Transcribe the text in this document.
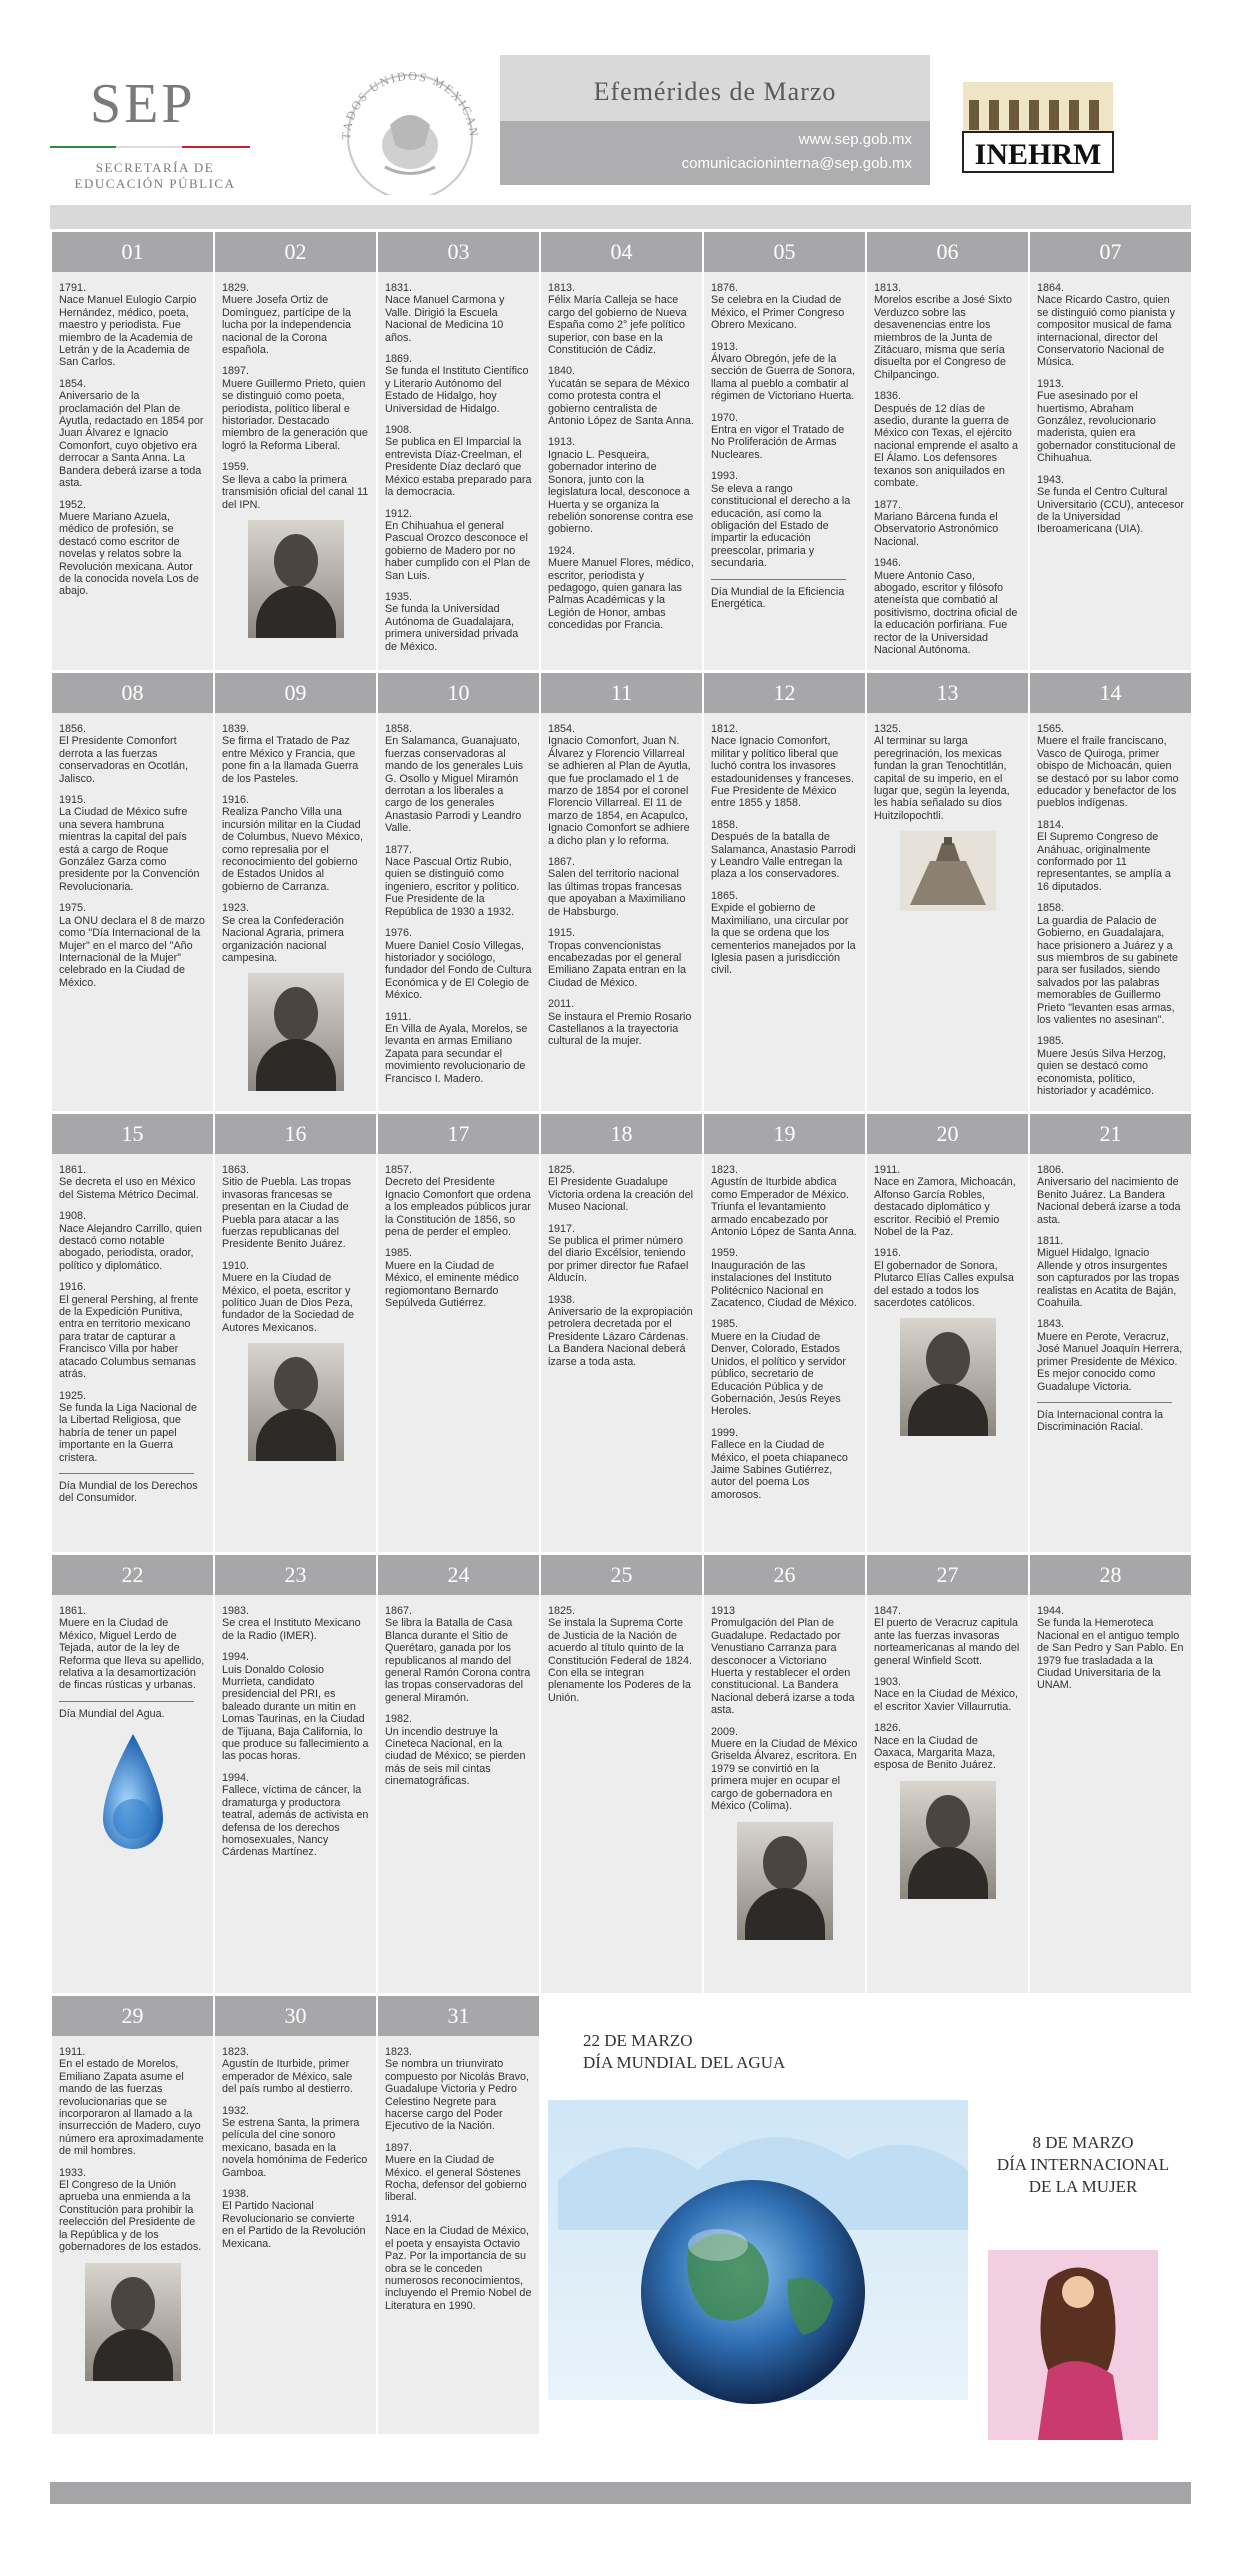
SEP
SECRETARÍA DE
EDUCACIÓN PÚBLICA
TADOS UNIDOS MEXICAN
Efemérides de Marzo
www.sep.gob.mx
comunicacioninterna@sep.gob.mx INEHRM
01
1791.
Nace Manuel Eulogio Carpio Hernández, médico, poeta, maestro y periodista. Fue miembro de la Academia de Letrán y de la Academia de San Carlos.
1854.
Aniversario de la proclamación del Plan de Ayutla, redactado en 1854 por Juan Álvarez e Ignacio Comonfort, cuyo objetivo era derrocar a Santa Anna. La Bandera deberá izarse a toda asta.
1952.
Muere Mariano Azuela, médico de profesión, se destacó como escritor de novelas y relatos sobre la Revolución mexicana. Autor de la conocida novela Los de abajo.
02
1829.
Muere Josefa Ortiz de Domínguez, partícipe de la lucha por la independencia nacional de la Corona española.
1897.
Muere Guillermo Prieto, quien se distinguió como poeta, periodista, político liberal e historiador. Destacado miembro de la generación que logró la Reforma Liberal.
1959.
Se lleva a cabo la primera transmisión oficial del canal 11 del IPN.
03
1831.
Nace Manuel Carmona y Valle. Dirigió la Escuela Nacional de Medicina 10 años.
1869.
Se funda el Instituto Científico y Literario Autónomo del Estado de Hidalgo, hoy Universidad de Hidalgo.
1908.
Se publica en El Imparcial la entrevista Díaz-Creelman, el Presidente Díaz declaró que México estaba preparado para la democracia.
1912.
En Chihuahua el general Pascual Orozco desconoce el gobierno de Madero por no haber cumplido con el Plan de San Luis.
1935.
Se funda la Universidad Autónoma de Guadalajara, primera universidad privada de México.
04
1813.
Félix María Calleja se hace cargo del gobierno de Nueva España como 2° jefe político superior, con base en la Constitución de Cádiz.
1840.
Yucatán se separa de México como protesta contra el gobierno centralista de Antonio López de Santa Anna.
1913.
Ignacio L. Pesqueira, gobernador interino de Sonora, junto con la legislatura local, desconoce a Huerta y se organiza la rebelión sonorense contra ese gobierno.
1924.
Muere Manuel Flores, médico, escritor, periodista y pedagogo, quien ganara las Palmas Académicas y la Legión de Honor, ambas concedidas por Francia.
05
1876.
Se celebra en la Ciudad de México, el Primer Congreso Obrero Mexicano.
1913.
Álvaro Obregón, jefe de la sección de Guerra de Sonora, llama al pueblo a combatir al régimen de Victoriano Huerta.
1970.
Entra en vigor el Tratado de No Proliferación de Armas Nucleares.
1993.
Se eleva a rango constitucional el derecho a la educación, así como la obligación del Estado de impartir la educación preescolar, primaria y secundaria.
Día Mundial de la Eficiencia Energética.
06
1813.
Morelos escribe a José Sixto Verduzco sobre las desavenencias entre los miembros de la Junta de Zitácuaro, misma que sería disuelta por el Congreso de Chilpancingo.
1836.
Después de 12 días de asedio, durante la guerra de México con Texas, el ejército nacional emprende el asalto a El Álamo. Los defensores texanos son aniquilados en combate.
1877.
Mariano Bárcena funda el Observatorio Astronómico Nacional.
1946.
Muere Antonio Caso, abogado, escritor y filósofo ateneísta que combatió al positivismo, doctrina oficial de la educación porfiriana. Fue rector de la Universidad Nacional Autónoma.
07
1864.
Nace Ricardo Castro, quien se distinguió como pianista y compositor musical de fama internacional, director del Conservatorio Nacional de Música.
1913.
Fue asesinado por el huertismo, Abraham González, revolucionario maderista, quien era gobernador constitucional de Chihuahua.
1943.
Se funda el Centro Cultural Universitario (CCU), antecesor de la Universidad Iberoamericana (UIA).
08
1856.
El Presidente Comonfort derrota a las fuerzas conservadoras en Ocotlán, Jalisco.
1915.
La Ciudad de México sufre una severa hambruna mientras la capital del país está a cargo de Roque González Garza como presidente por la Convención Revolucionaria.
1975.
La ONU declara el 8 de marzo como "Día Internacional de la Mujer" en el marco del "Año Internacional de la Mujer" celebrado en la Ciudad de México.
09
1839.
Se firma el Tratado de Paz entre México y Francia, que pone fin a la llamada Guerra de los Pasteles.
1916.
Realiza Pancho Villa una incursión militar en la Ciudad de Columbus, Nuevo México, como represalia por el reconocimiento del gobierno de Estados Unidos al gobierno de Carranza.
1923.
Se crea la Confederación Nacional Agraria, primera organización nacional campesina.
10
1858.
En Salamanca, Guanajuato, fuerzas conservadoras al mando de los generales Luis G. Osollo y Miguel Miramón derrotan a los liberales a cargo de los generales Anastasio Parrodi y Leandro Valle.
1877.
Nace Pascual Ortiz Rubio, quien se distinguió como ingeniero, escritor y político. Fue Presidente de la República de 1930 a 1932.
1976.
Muere Daniel Cosío Villegas, historiador y sociólogo, fundador del Fondo de Cultura Económica y de El Colegio de México.
1911.
En Villa de Ayala, Morelos, se levanta en armas Emiliano Zapata para secundar el movimiento revolucionario de Francisco I. Madero.
11
1854.
Ignacio Comonfort, Juan N. Álvarez y Florencio Villarreal se adhieren al Plan de Ayutla, que fue proclamado el 1 de marzo de 1854 por el coronel Florencio Villarreal. El 11 de marzo de 1854, en Acapulco, Ignacio Comonfort se adhiere a dicho plan y lo reforma.
1867.
Salen del territorio nacional las últimas tropas francesas que apoyaban a Maximiliano de Habsburgo.
1915.
Tropas convencionistas encabezadas por el general Emiliano Zapata entran en la Ciudad de México.
2011.
Se instaura el Premio Rosario Castellanos a la trayectoria cultural de la mujer.
12
1812.
Nace Ignacio Comonfort, militar y político liberal que luchó contra los invasores estadounidenses y franceses. Fue Presidente de México entre 1855 y 1858.
1858.
Después de la batalla de Salamanca, Anastasio Parrodi y Leandro Valle entregan la plaza a los conservadores.
1865.
Expide el gobierno de Maximiliano, una circular por la que se ordena que los cementerios manejados por la Iglesia pasen a jurisdicción civil.
13
1325.
Al terminar su larga peregrinación, los mexicas fundan la gran Tenochtitlán, capital de su imperio, en el lugar que, según la leyenda, les había señalado su dios Huitzilopochtli.
14
1565.
Muere el fraile franciscano, Vasco de Quiroga, primer obispo de Michoacán, quien se destacó por su labor como educador y benefactor de los pueblos indígenas.
1814.
El Supremo Congreso de Anáhuac, originalmente conformado por 11 representantes, se amplía a 16 diputados.
1858.
La guardia de Palacio de Gobierno, en Guadalajara, hace prisionero a Juárez y a sus miembros de su gabinete para ser fusilados, siendo salvados por las palabras memorables de Guillermo Prieto "levanten esas armas, los valientes no asesinan".
1985.
Muere Jesús Silva Herzog, quien se destacó como economista, político, historiador y académico.
15
1861.
Se decreta el uso en México del Sistema Métrico Decimal.
1908.
Nace Alejandro Carrillo, quien destacó como notable abogado, periodista, orador, político y diplomático.
1916.
El general Pershing, al frente de la Expedición Punitiva, entra en territorio mexicano para tratar de capturar a Francisco Villa por haber atacado Columbus semanas atrás.
1925.
Se funda la Liga Nacional de la Libertad Religiosa, que habría de tener un papel importante en la Guerra cristera.
Día Mundial de los Derechos del Consumidor.
16
1863.
Sitio de Puebla. Las tropas invasoras francesas se presentan en la Ciudad de Puebla para atacar a las fuerzas republicanas del Presidente Benito Juárez.
1910.
Muere en la Ciudad de México, el poeta, escritor y político Juan de Dios Peza, fundador de la Sociedad de Autores Mexicanos.
17
1857.
Decreto del Presidente Ignacio Comonfort que ordena a los empleados públicos jurar la Constitución de 1856, so pena de perder el empleo.
1985.
Muere en la Ciudad de México, el eminente médico regiomontano Bernardo Sepúlveda Gutiérrez.
18
1825.
El Presidente Guadalupe Victoria ordena la creación del Museo Nacional.
1917.
Se publica el primer número del diario Excélsior, teniendo por primer director fue Rafael Alducín.
1938.
Aniversario de la expropiación petrolera decretada por el Presidente Lázaro Cárdenas. La Bandera Nacional deberá izarse a toda asta.
19
1823.
Agustín de Iturbide abdica como Emperador de México. Triunfa el levantamiento armado encabezado por Antonio López de Santa Anna.
1959.
Inauguración de las instalaciones del Instituto Politécnico Nacional en Zacatenco, Ciudad de México.
1985.
Muere en la Ciudad de Denver, Colorado, Estados Unidos, el político y servidor público, secretario de Educación Pública y de Gobernación, Jesús Reyes Heroles.
1999.
Fallece en la Ciudad de México, el poeta chiapaneco Jaime Sabines Gutiérrez, autor del poema Los amorosos.
20
1911.
Nace en Zamora, Michoacán, Alfonso García Robles, destacado diplomático y escritor. Recibió el Premio Nobel de la Paz.
1916.
El gobernador de Sonora, Plutarco Elías Calles expulsa del estado a todos los sacerdotes católicos.
21
1806.
Aniversario del nacimiento de Benito Juárez. La Bandera Nacional deberá izarse a toda asta.
1811.
Miguel Hidalgo, Ignacio Allende y otros insurgentes son capturados por las tropas realistas en Acatita de Baján, Coahuila.
1843.
Muere en Perote, Veracruz, José Manuel Joaquín Herrera, primer Presidente de México. Es mejor conocido como Guadalupe Victoria.
Día Internacional contra la Discriminación Racial.
22
1861.
Muere en la Ciudad de México, Miguel Lerdo de Tejada, autor de la ley de Reforma que lleva su apellido, relativa a la desamortización de fincas rústicas y urbanas.
Día Mundial del Agua.
23
1983.
Se crea el Instituto Mexicano de la Radio (IMER).
1994.
Luis Donaldo Colosio Murrieta, candidato presidencial del PRI, es baleado durante un mitin en Lomas Taurinas, en la Ciudad de Tijuana, Baja California, lo que produce su fallecimiento a las pocas horas.
1994.
Fallece, víctima de cáncer, la dramaturga y productora teatral, además de activista en defensa de los derechos homosexuales, Nancy Cárdenas Martínez.
24
1867.
Se libra la Batalla de Casa Blanca durante el Sitio de Querétaro, ganada por los republicanos al mando del general Ramón Corona contra las tropas conservadoras del general Miramón.
1982.
Un incendio destruye la Cineteca Nacional, en la ciudad de México; se pierden más de seis mil cintas cinematográficas.
25
1825.
Se instala la Suprema Corte de Justicia de la Nación de acuerdo al título quinto de la Constitución Federal de 1824. Con ella se integran plenamente los Poderes de la Unión.
26
1913
Promulgación del Plan de Guadalupe. Redactado por Venustiano Carranza para desconocer a Victoriano Huerta y restablecer el orden constitucional. La Bandera Nacional deberá izarse a toda asta.
2009.
Muere en la Ciudad de México Griselda Álvarez, escritora. En 1979 se convirtió en la primera mujer en ocupar el cargo de gobernadora en México (Colima).
27
1847.
El puerto de Veracruz capitula ante las fuerzas invasoras norteamericanas al mando del general Winfield Scott.
1903.
Nace en la Ciudad de México, el escritor Xavier Villaurrutia.
1826.
Nace en la Ciudad de Oaxaca, Margarita Maza, esposa de Benito Juárez.
28
1944.
Se funda la Hemeroteca Nacional en el antiguo templo de San Pedro y San Pablo. En 1979 fue trasladada a la Ciudad Universitaria de la UNAM.
29
1911.
En el estado de Morelos, Emiliano Zapata asume el mando de las fuerzas revolucionarias que se incorporaron al llamado a la insurrección de Madero, cuyo número era aproximadamente de mil hombres.
1933.
El Congreso de la Unión aprueba una enmienda a la Constitución para prohibir la reelección del Presidente de la República y de los gobernadores de los estados.
30
1823.
Agustín de Iturbide, primer emperador de México, sale del país rumbo al destierro.
1932.
Se estrena Santa, la primera película del cine sonoro mexicano, basada en la novela homónima de Federico Gamboa.
1938.
El Partido Nacional Revolucionario se convierte en el Partido de la Revolución Mexicana.
31
1823.
Se nombra un triunvirato compuesto por Nicolás Bravo, Guadalupe Victoria y Pedro Celestino Negrete para hacerse cargo del Poder Ejecutivo de la Nación.
1897.
Muere en la Ciudad de México. el general Sóstenes Rocha, defensor del gobierno liberal.
1914.
Nace en la Ciudad de México, el poeta y ensayista Octavio Paz. Por la importancia de su obra se le conceden numerosos reconocimientos, incluyendo el Premio Nobel de Literatura en 1990.
22 DE MARZO
DÍA MUNDIAL DEL AGUA
8 DE MARZO
DÍA INTERNACIONAL
DE LA MUJER
